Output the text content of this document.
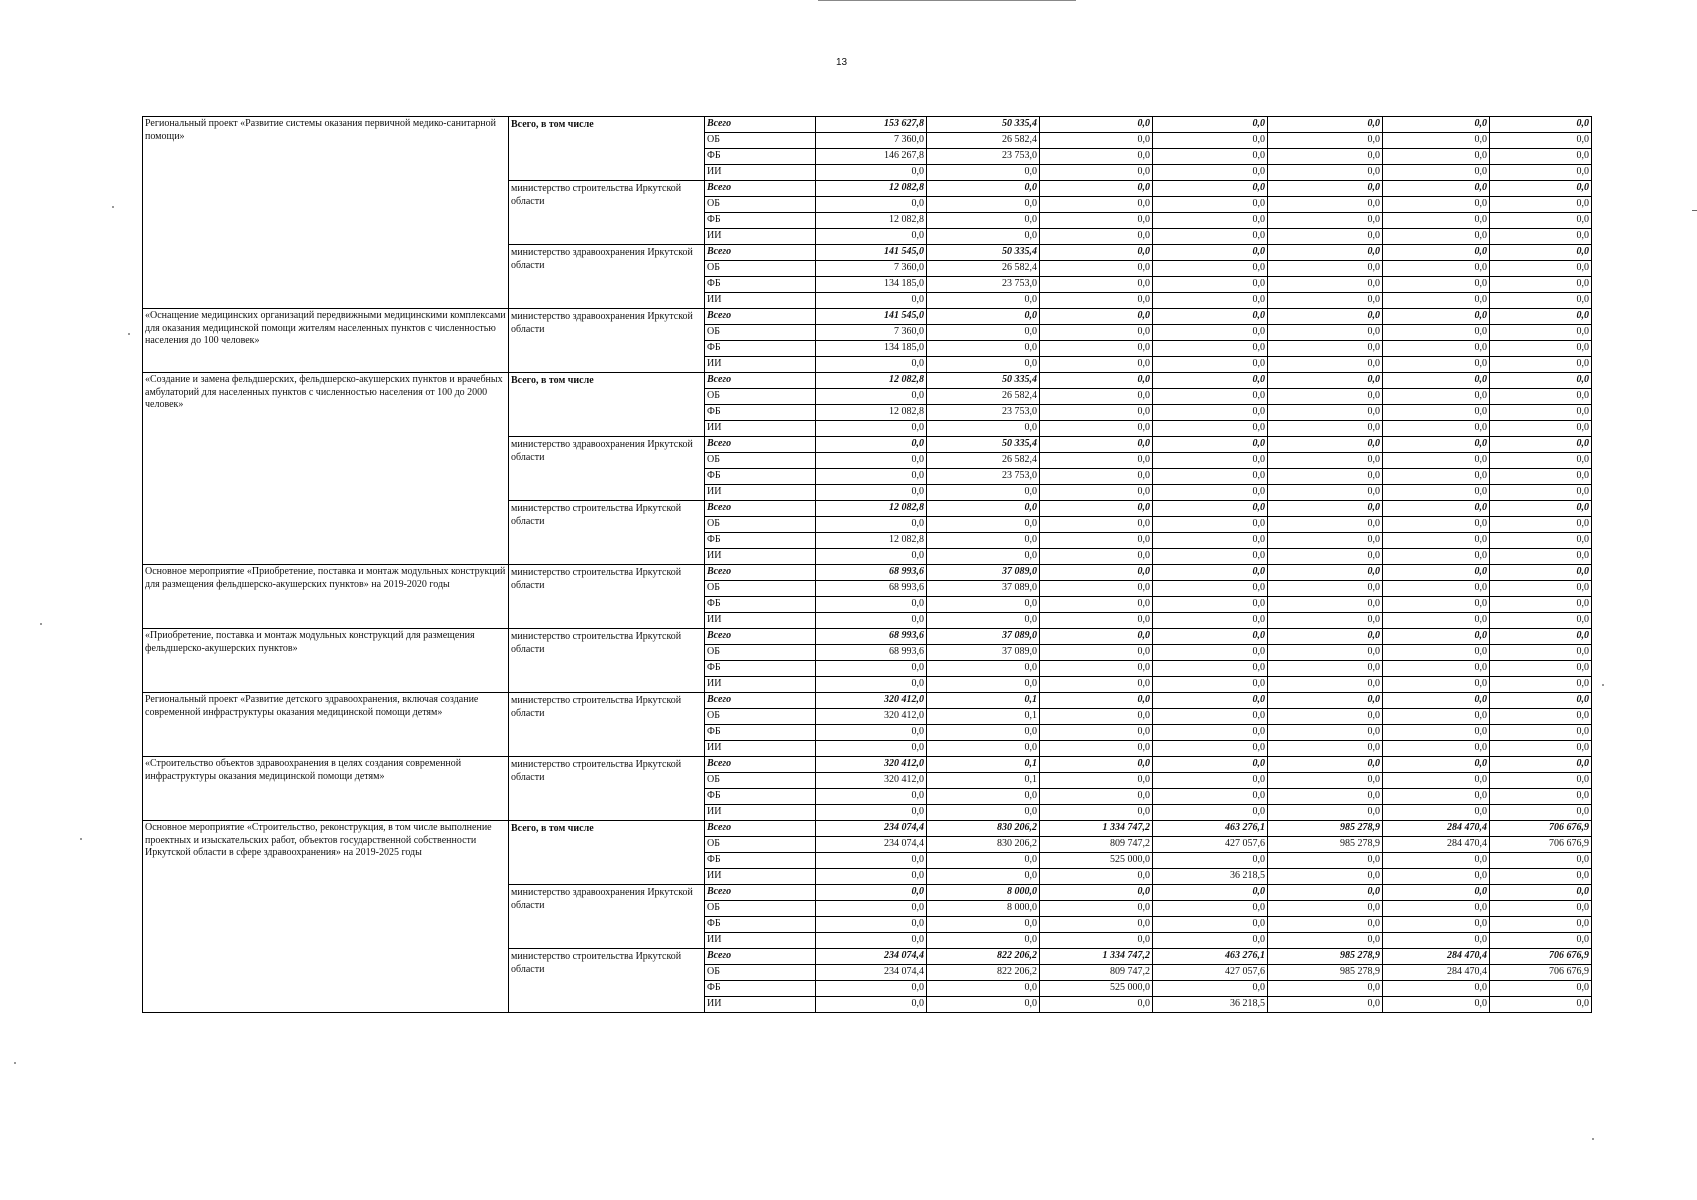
13
Региональный проект «Развитие системы оказания первичной медико-санитарной помощи»	Всего, в том числе	Всего	153 627,8	50 335,4	0,0	0,0	0,0	0,0	0,0
		ОБ	7 360,0	26 582,4	0,0	0,0	0,0	0,0	0,0
		ФБ	146 267,8	23 753,0	0,0	0,0	0,0	0,0	0,0
		ИИ	0,0	0,0	0,0	0,0	0,0	0,0	0,0
	министерство строительства Иркутской области	Всего	12 082,8	0,0	0,0	0,0	0,0	0,0	0,0
		ОБ	0,0	0,0	0,0	0,0	0,0	0,0	0,0
		ФБ	12 082,8	0,0	0,0	0,0	0,0	0,0	0,0
		ИИ	0,0	0,0	0,0	0,0	0,0	0,0	0,0
	министерство здравоохранения Иркутской области	Всего	141 545,0	50 335,4	0,0	0,0	0,0	0,0	0,0
		ОБ	7 360,0	26 582,4	0,0	0,0	0,0	0,0	0,0
		ФБ	134 185,0	23 753,0	0,0	0,0	0,0	0,0	0,0
		ИИ	0,0	0,0	0,0	0,0	0,0	0,0	0,0
«Оснащение медицинских организаций передвижными медицинскими комплексами для оказания медицинской помощи жителям населенных пунктов с численностью населения до 100 человек»	министерство здравоохранения Иркутской области	Всего	141 545,0	0,0	0,0	0,0	0,0	0,0	0,0
		ОБ	7 360,0	0,0	0,0	0,0	0,0	0,0	0,0
		ФБ	134 185,0	0,0	0,0	0,0	0,0	0,0	0,0
		ИИ	0,0	0,0	0,0	0,0	0,0	0,0	0,0
«Создание и замена фельдшерских, фельдшерско-акушерских пунктов и врачебных амбулаторий для населенных пунктов с численностью населения от 100 до 2000 человек»	Всего, в том числе	Всего	12 082,8	50 335,4	0,0	0,0	0,0	0,0	0,0
		ОБ	0,0	26 582,4	0,0	0,0	0,0	0,0	0,0
		ФБ	12 082,8	23 753,0	0,0	0,0	0,0	0,0	0,0
		ИИ	0,0	0,0	0,0	0,0	0,0	0,0	0,0
	министерство здравоохранения Иркутской области	Всего	0,0	50 335,4	0,0	0,0	0,0	0,0	0,0
		ОБ	0,0	26 582,4	0,0	0,0	0,0	0,0	0,0
		ФБ	0,0	23 753,0	0,0	0,0	0,0	0,0	0,0
		ИИ	0,0	0,0	0,0	0,0	0,0	0,0	0,0
	министерство строительства Иркутской области	Всего	12 082,8	0,0	0,0	0,0	0,0	0,0	0,0
		ОБ	0,0	0,0	0,0	0,0	0,0	0,0	0,0
		ФБ	12 082,8	0,0	0,0	0,0	0,0	0,0	0,0
		ИИ	0,0	0,0	0,0	0,0	0,0	0,0	0,0
Основное мероприятие «Приобретение, поставка и монтаж модульных конструкций для размещения фельдшерско-акушерских пунктов» на 2019-2020 годы	министерство строительства Иркутской области	Всего	68 993,6	37 089,0	0,0	0,0	0,0	0,0	0,0
		ОБ	68 993,6	37 089,0	0,0	0,0	0,0	0,0	0,0
		ФБ	0,0	0,0	0,0	0,0	0,0	0,0	0,0
		ИИ	0,0	0,0	0,0	0,0	0,0	0,0	0,0
«Приобретение, поставка и монтаж модульных конструкций для размещения фельдшерско-акушерских пунктов»	министерство строительства Иркутской области	Всего	68 993,6	37 089,0	0,0	0,0	0,0	0,0	0,0
		ОБ	68 993,6	37 089,0	0,0	0,0	0,0	0,0	0,0
		ФБ	0,0	0,0	0,0	0,0	0,0	0,0	0,0
		ИИ	0,0	0,0	0,0	0,0	0,0	0,0	0,0
Региональный проект «Развитие детского здравоохранения, включая создание современной инфраструктуры оказания медицинской помощи детям»	министерство строительства Иркутской области	Всего	320 412,0	0,1	0,0	0,0	0,0	0,0	0,0
		ОБ	320 412,0	0,1	0,0	0,0	0,0	0,0	0,0
		ФБ	0,0	0,0	0,0	0,0	0,0	0,0	0,0
		ИИ	0,0	0,0	0,0	0,0	0,0	0,0	0,0
«Строительство объектов здравоохранения в целях создания современной инфраструктуры оказания медицинской помощи детям»	министерство строительства Иркутской области	Всего	320 412,0	0,1	0,0	0,0	0,0	0,0	0,0
		ОБ	320 412,0	0,1	0,0	0,0	0,0	0,0	0,0
		ФБ	0,0	0,0	0,0	0,0	0,0	0,0	0,0
		ИИ	0,0	0,0	0,0	0,0	0,0	0,0	0,0
Основное мероприятие «Строительство, реконструкция, в том числе выполнение проектных и изыскательских работ, объектов государственной собственности Иркутской области в сфере здравоохранения» на 2019-2025 годы	Всего, в том числе	Всего	234 074,4	830 206,2	1 334 747,2	463 276,1	985 278,9	284 470,4	706 676,9
		ОБ	234 074,4	830 206,2	809 747,2	427 057,6	985 278,9	284 470,4	706 676,9
		ФБ	0,0	0,0	525 000,0	0,0	0,0	0,0	0,0
		ИИ	0,0	0,0	0,0	36 218,5	0,0	0,0	0,0
	министерство здравоохранения Иркутской области	Всего	0,0	8 000,0	0,0	0,0	0,0	0,0	0,0
		ОБ	0,0	8 000,0	0,0	0,0	0,0	0,0	0,0
		ФБ	0,0	0,0	0,0	0,0	0,0	0,0	0,0
		ИИ	0,0	0,0	0,0	0,0	0,0	0,0	0,0
	министерство строительства Иркутской области	Всего	234 074,4	822 206,2	1 334 747,2	463 276,1	985 278,9	284 470,4	706 676,9
		ОБ	234 074,4	822 206,2	809 747,2	427 057,6	985 278,9	284 470,4	706 676,9
		ФБ	0,0	0,0	525 000,0	0,0	0,0	0,0	0,0
		ИИ	0,0	0,0	0,0	36 218,5	0,0	0,0	0,0
